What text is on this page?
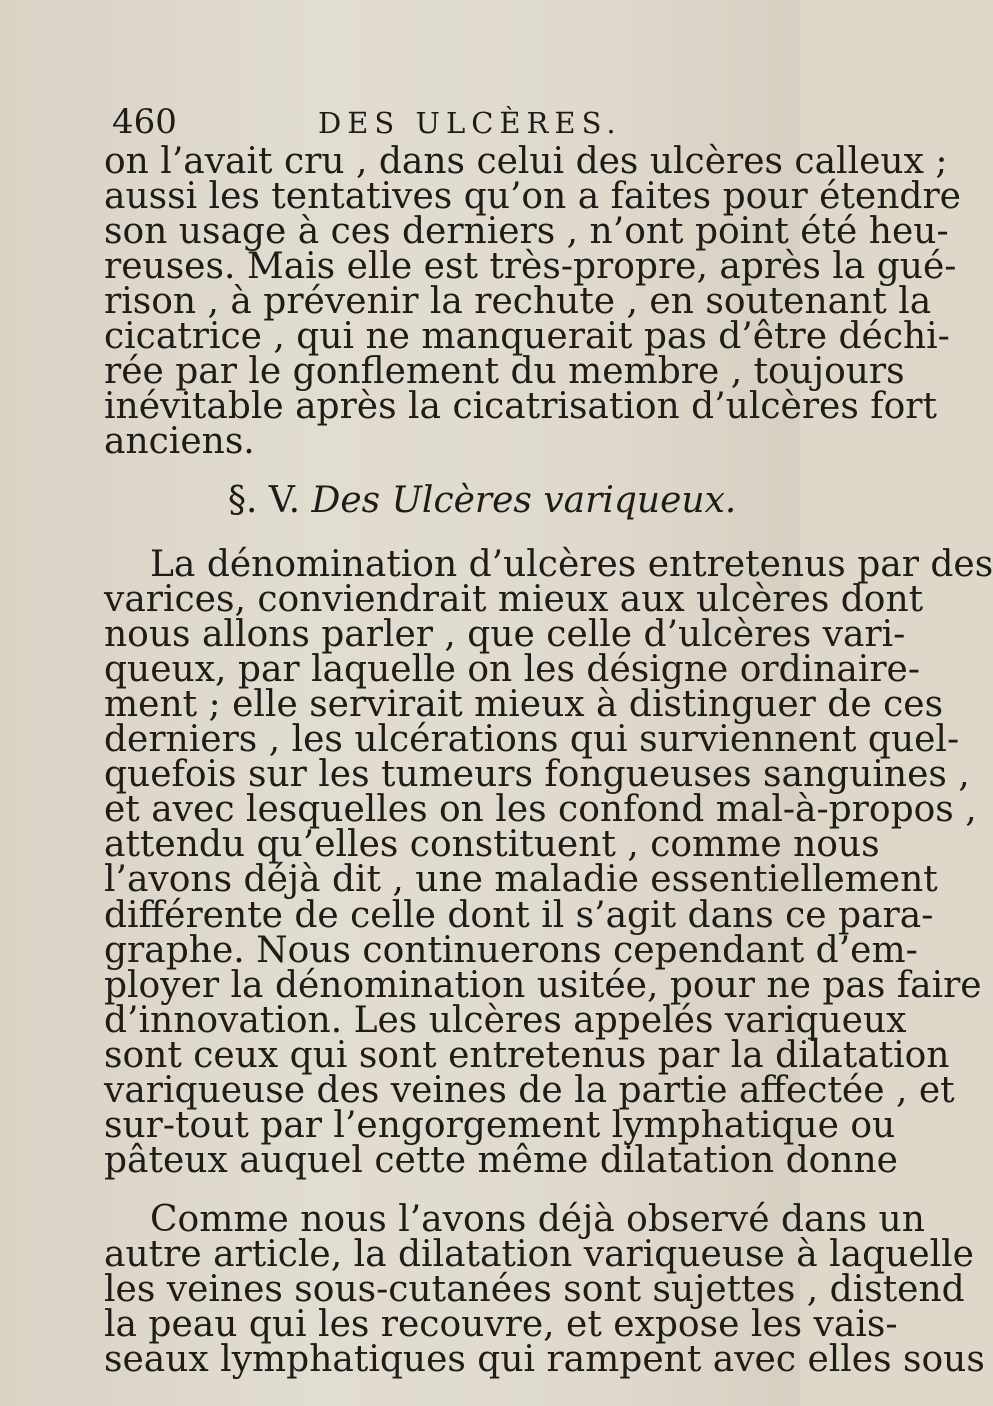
460	DES ULCÈRES.
on l’avait cru , dans celui des ulcères calleux ;
aussi les tentatives qu’on a faites pour étendre
son usage à ces derniers , n’ont point été heu-
reuses. Mais elle est très-propre, après la gué-
rison , à prévenir la rechute , en soutenant la
cicatrice , qui ne manquerait pas d’être déchi-
rée par le gonflement du membre , toujours
inévitable après la cicatrisation d’ulcères fort
anciens.
§. V. Des Ulcères variqueux.
La dénomination d’ulcères entretenus par des
varices, conviendrait mieux aux ulcères dont
nous allons parler , que celle d’ulcères vari-
queux, par laquelle on les désigne ordinaire-
ment ; elle servirait mieux à distinguer de ces
derniers , les ulcérations qui surviennent quel-
quefois sur les tumeurs fongueuses sanguines ,
et avec lesquelles on les confond mal-à-propos ,
attendu qu’elles constituent , comme nous
l’avons déjà dit , une maladie essentiellement
différente de celle dont il s’agit dans ce para-
graphe. Nous continuerons cependant d’em-
ployer la dénomination usitée, pour ne pas faire
d’innovation. Les ulcères appelés variqueux
sont ceux qui sont entretenus par la dilatation
variqueuse des veines de la partie affectée , et
sur-tout par l’engorgement lymphatique ou
pâteux auquel cette même dilatation donne
Comme nous l’avons déjà observé dans un
autre article, la dilatation variqueuse à laquelle
les veines sous-cutanées sont sujettes , distend
la peau qui les recouvre, et expose les vais-
seaux lymphatiques qui rampent avec elles sous
